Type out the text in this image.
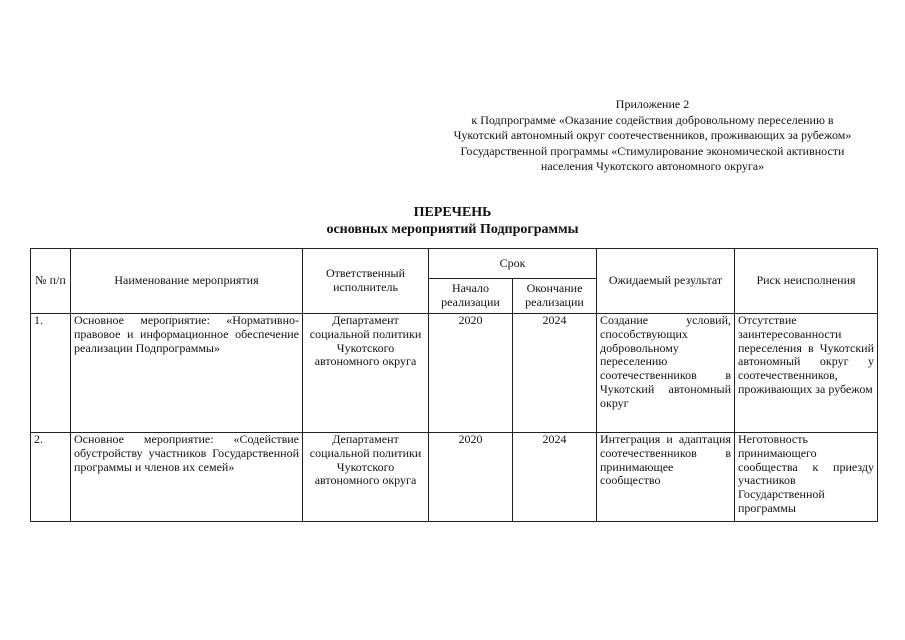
Приложение 2
к Подпрограмме «Оказание содействия добровольному переселению в
Чукотский автономный округ соотечественников, проживающих за рубежом»
Государственной программы «Стимулирование экономической активности
населения Чукотского автономного округа»
ПЕРЕЧЕНЬ
основных мероприятий Подпрограммы
№ п/п	Наименование мероприятия	Ответственный исполнитель	Срок		Ожидаемый результат	Риск неисполнения
			Начало реализации	Окончание реализации		
1.	Основное мероприятие: «Нормативно-правовое и информационное обеспечение реализации Подпрограммы»	Департамент социальной политики Чукотского автономного округа	2020	2024	Создание условий, способствующих добровольному переселению соотечественников в Чукотский автономный округ	Отсутствие заинтересованности переселения в Чукотский автономный округ у соотечественников, проживающих за рубежом
2.	Основное мероприятие: «Содействие обустройству участников Государственной программы и членов их семей»	Департамент социальной политики Чукотского автономного округа	2020	2024	Интеграция и адаптация соотечественников в принимающее сообщество	Неготовность принимающего сообщества к приезду участников Государственной программы
